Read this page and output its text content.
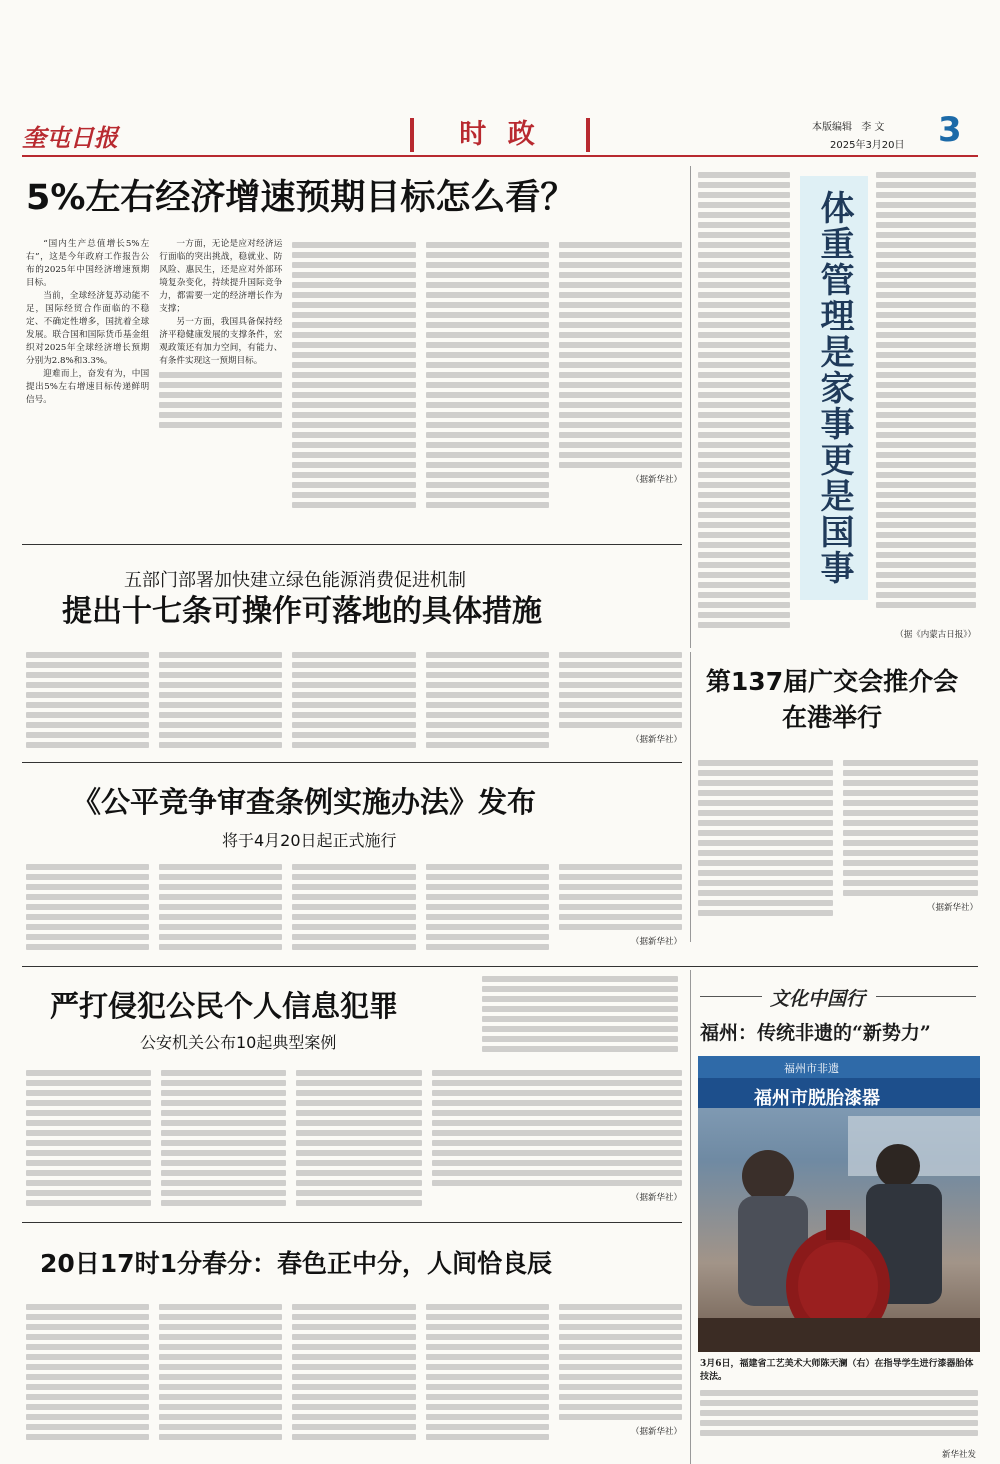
奎屯日报	时 政	本版编辑 李 文
2025年3月20日 3
5%左右经济增速预期目标怎么看？

“国内生产总值增长5%左右”，这是今年政府工作报告公布的2025年中国经济增速预期目标。

当前，全球经济复苏动能不足，国际经贸合作面临的不稳定、不确定性增多，国扰着全球发展。联合国和国际货币基金组织对2025年全球经济增长预期分别为2.8%和3.3%。

迎难而上，奋发有为，中国提出5%左右增速目标传递鲜明信号。

一方面，无论是应对经济运行面临的突出挑战，稳就业、防风险、惠民生，还是应对外部环境复杂变化，持续提升国际竞争力，都需要一定的经济增长作为支撑；

另一方面，我国具备保持经济平稳健康发展的支撑条件，宏观政策还有加力空间，有能力、有条件实现这一预期目标。

（据新华社）	体重管理是家事更是国事
（据《内蒙古日报》）
五部门部署加快建立绿色能源消费促进机制
提出十七条可操作可落地的具体措施
（据新华社）
第137届广交会推介会
在港举行
（据新华社）
《公平竞争审查条例实施办法》发布
将于4月20日起正式施行
（据新华社）
严打侵犯公民个人信息犯罪
公安机关公布10起典型案例
（据新华社）
文化中国行
福州：传统非遗的“新势力”
福州市非遗
福州市脱胎漆器
3月6日，福建省工艺美术大师陈天澜（右）在指导学生进行漆器胎体技法。
新华社发
20日17时1分春分：春色正中分，人间恰良辰
（据新华社）
